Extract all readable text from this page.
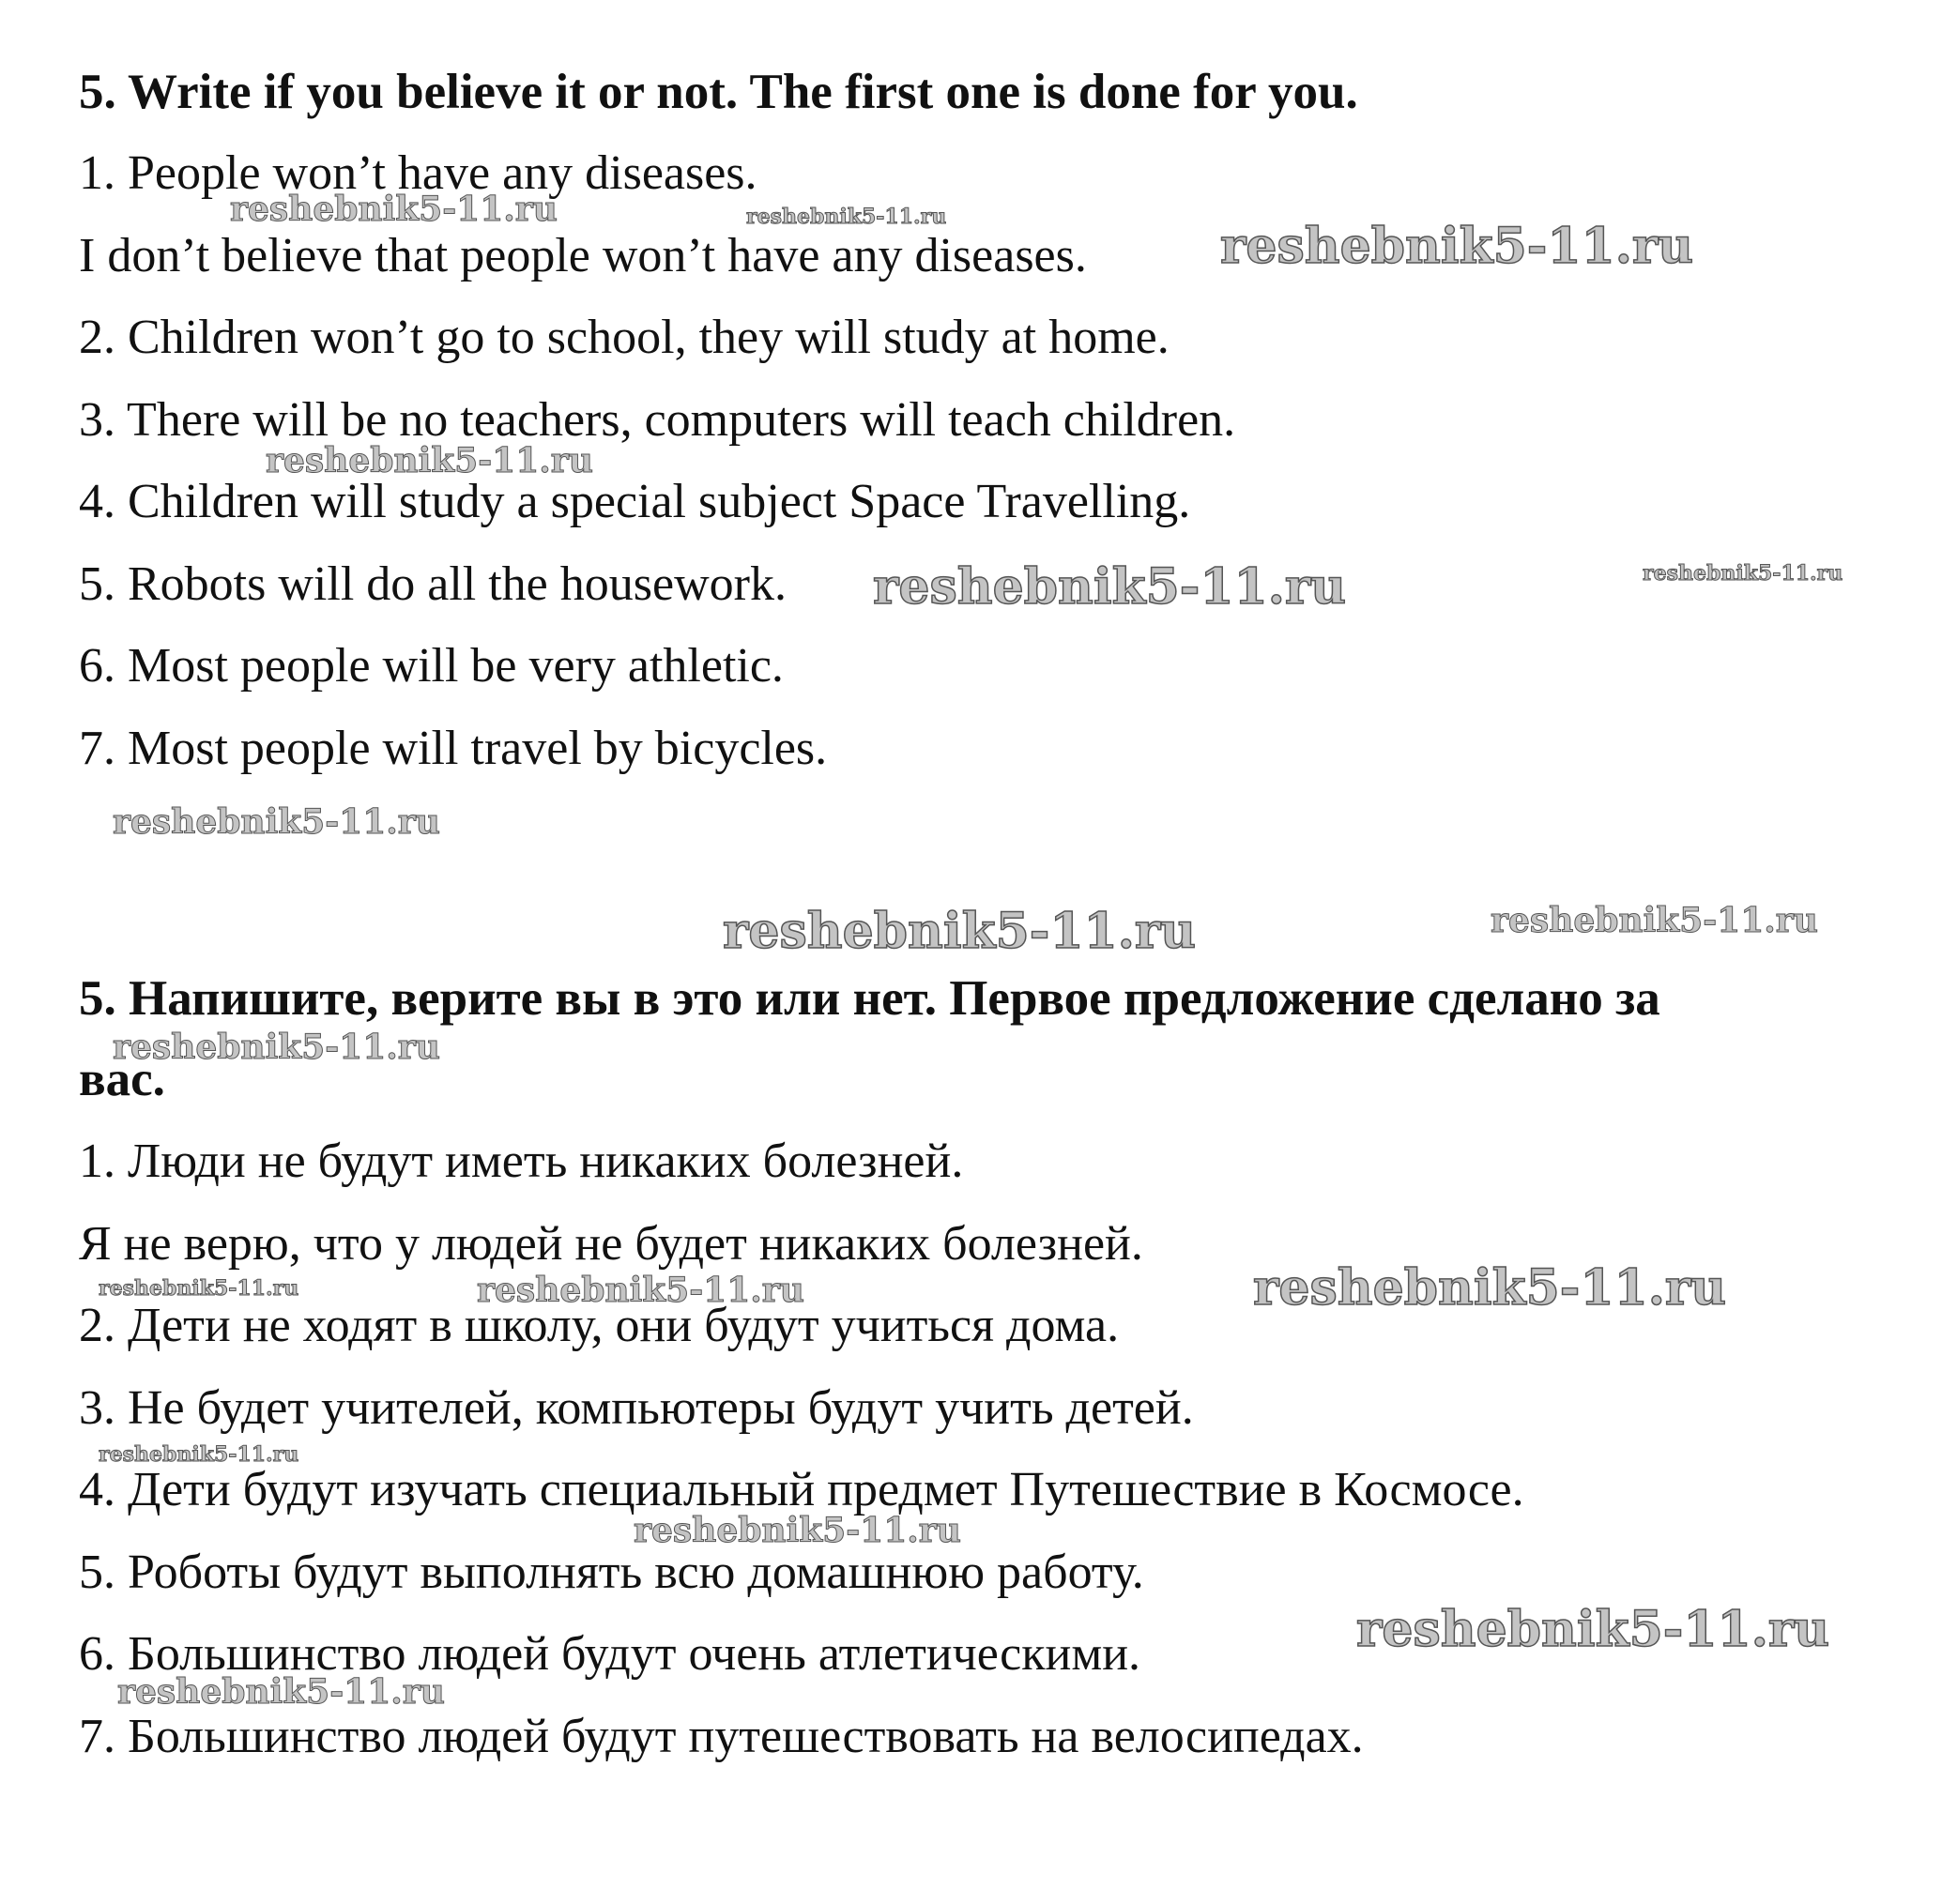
5. Write if you believe it or not. The first one is done for you.

1. People won’t have any diseases.

I don’t believe that people won’t have any diseases.

2. Children won’t go to school, they will study at home.

3. There will be no teachers, computers will teach children.

4. Children will study a special subject Space Travelling.

5. Robots will do all the housework.

6. Most people will be very athletic.

7. Most people will travel by bicycles.

5. Напишите, верите вы в это или нет. Первое предложение сделано за

вас.

1. Люди не будут иметь никаких болезней.

Я не верю, что у людей не будет никаких болезней.

2. Дети не ходят в школу, они будут учиться дома.

3. Не будет учителей, компьютеры будут учить детей.

4. Дети будут изучать специальный предмет Путешествие в Космосе.

5. Роботы будут выполнять всю домашнюю работу.

6. Большинство людей будут очень атлетическими.

7. Большинство людей будут путешествовать на велосипедах.

reshebnik5-11.ru	reshebnik5-11.ru
reshebnik5-11.ru
reshebnik5-11.ru
reshebnik5-11.ru	reshebnik5-11.ru
reshebnik5-11.ru
reshebnik5-11.ru	reshebnik5-11.ru
reshebnik5-11.ru
reshebnik5-11.ru	reshebnik5-11.ru	reshebnik5-11.ru
reshebnik5-11.ru
reshebnik5-11.ru
reshebnik5-11.ru
reshebnik5-11.ru
